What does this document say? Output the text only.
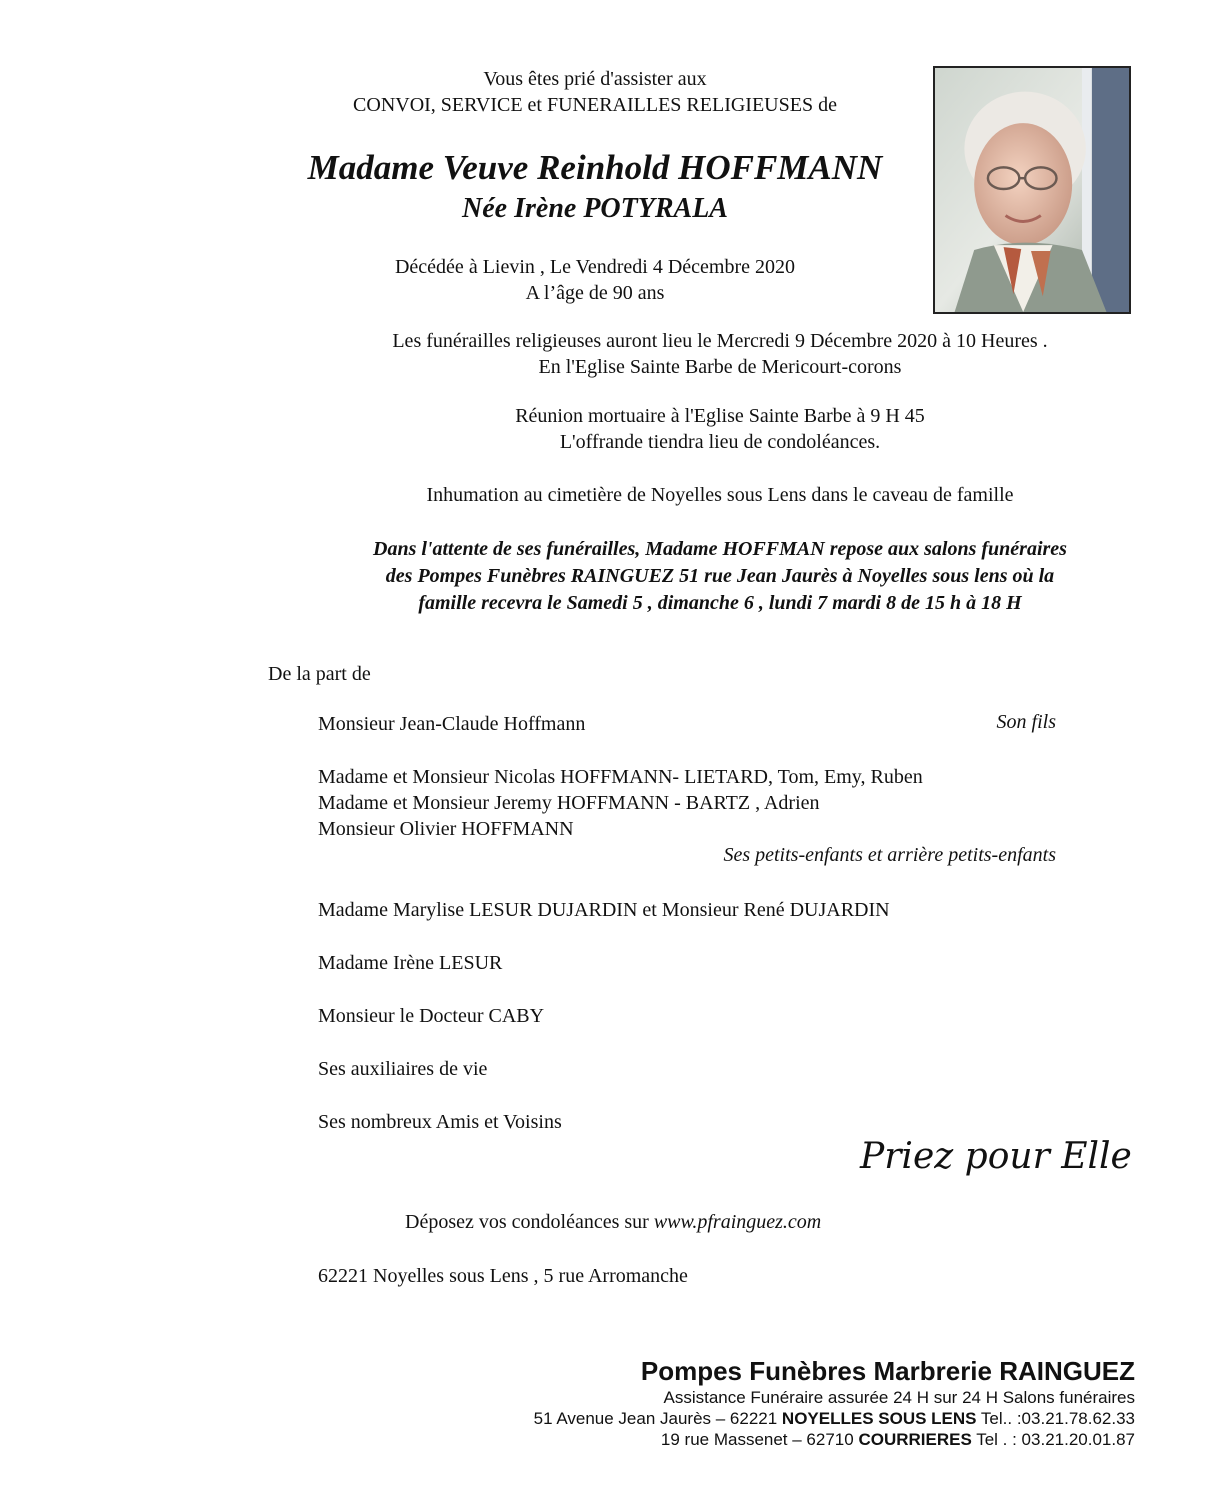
Vous êtes prié d'assister aux
CONVOI, SERVICE et FUNERAILLES RELIGIEUSES de
Madame Veuve Reinhold HOFFMANN
Née Irène POTYRALA
Décédée à Lievin , Le Vendredi 4 Décembre 2020
A l’âge de 90 ans
Les funérailles religieuses auront lieu le Mercredi 9 Décembre 2020 à 10 Heures .
En l'Eglise Sainte Barbe de Mericourt-corons
Réunion mortuaire à l'Eglise Sainte Barbe à 9 H 45
L'offrande tiendra lieu de condoléances.
Inhumation au cimetière de Noyelles sous Lens dans le caveau de famille
Dans l'attente de ses funérailles, Madame HOFFMAN repose aux salons funéraires
des Pompes Funèbres RAINGUEZ 51 rue Jean Jaurès à Noyelles sous lens où la
famille recevra le Samedi 5 , dimanche 6 , lundi 7 mardi 8 de 15 h à 18 H
De la part de
Monsieur Jean-Claude Hoffmann	Son fils
Madame et Monsieur Nicolas HOFFMANN- LIETARD, Tom, Emy, Ruben
Madame et Monsieur Jeremy HOFFMANN - BARTZ , Adrien
Monsieur Olivier HOFFMANN
Ses petits-enfants et arrière petits-enfants
Madame Marylise LESUR DUJARDIN et Monsieur René DUJARDIN
Madame Irène LESUR
Monsieur le Docteur CABY
Ses auxiliaires de vie
Ses nombreux Amis et Voisins
Priez pour Elle
Déposez vos condoléances sur www.pfrainguez.com
62221 Noyelles sous Lens , 5 rue Arromanche
Pompes Funèbres Marbrerie RAINGUEZ
Assistance Funéraire assurée 24 H sur 24 H Salons funéraires
51 Avenue Jean Jaurès – 62221 NOYELLES SOUS LENS Tel.. :03.21.78.62.33
19 rue Massenet – 62710 COURRIERES Tel . : 03.21.20.01.87
